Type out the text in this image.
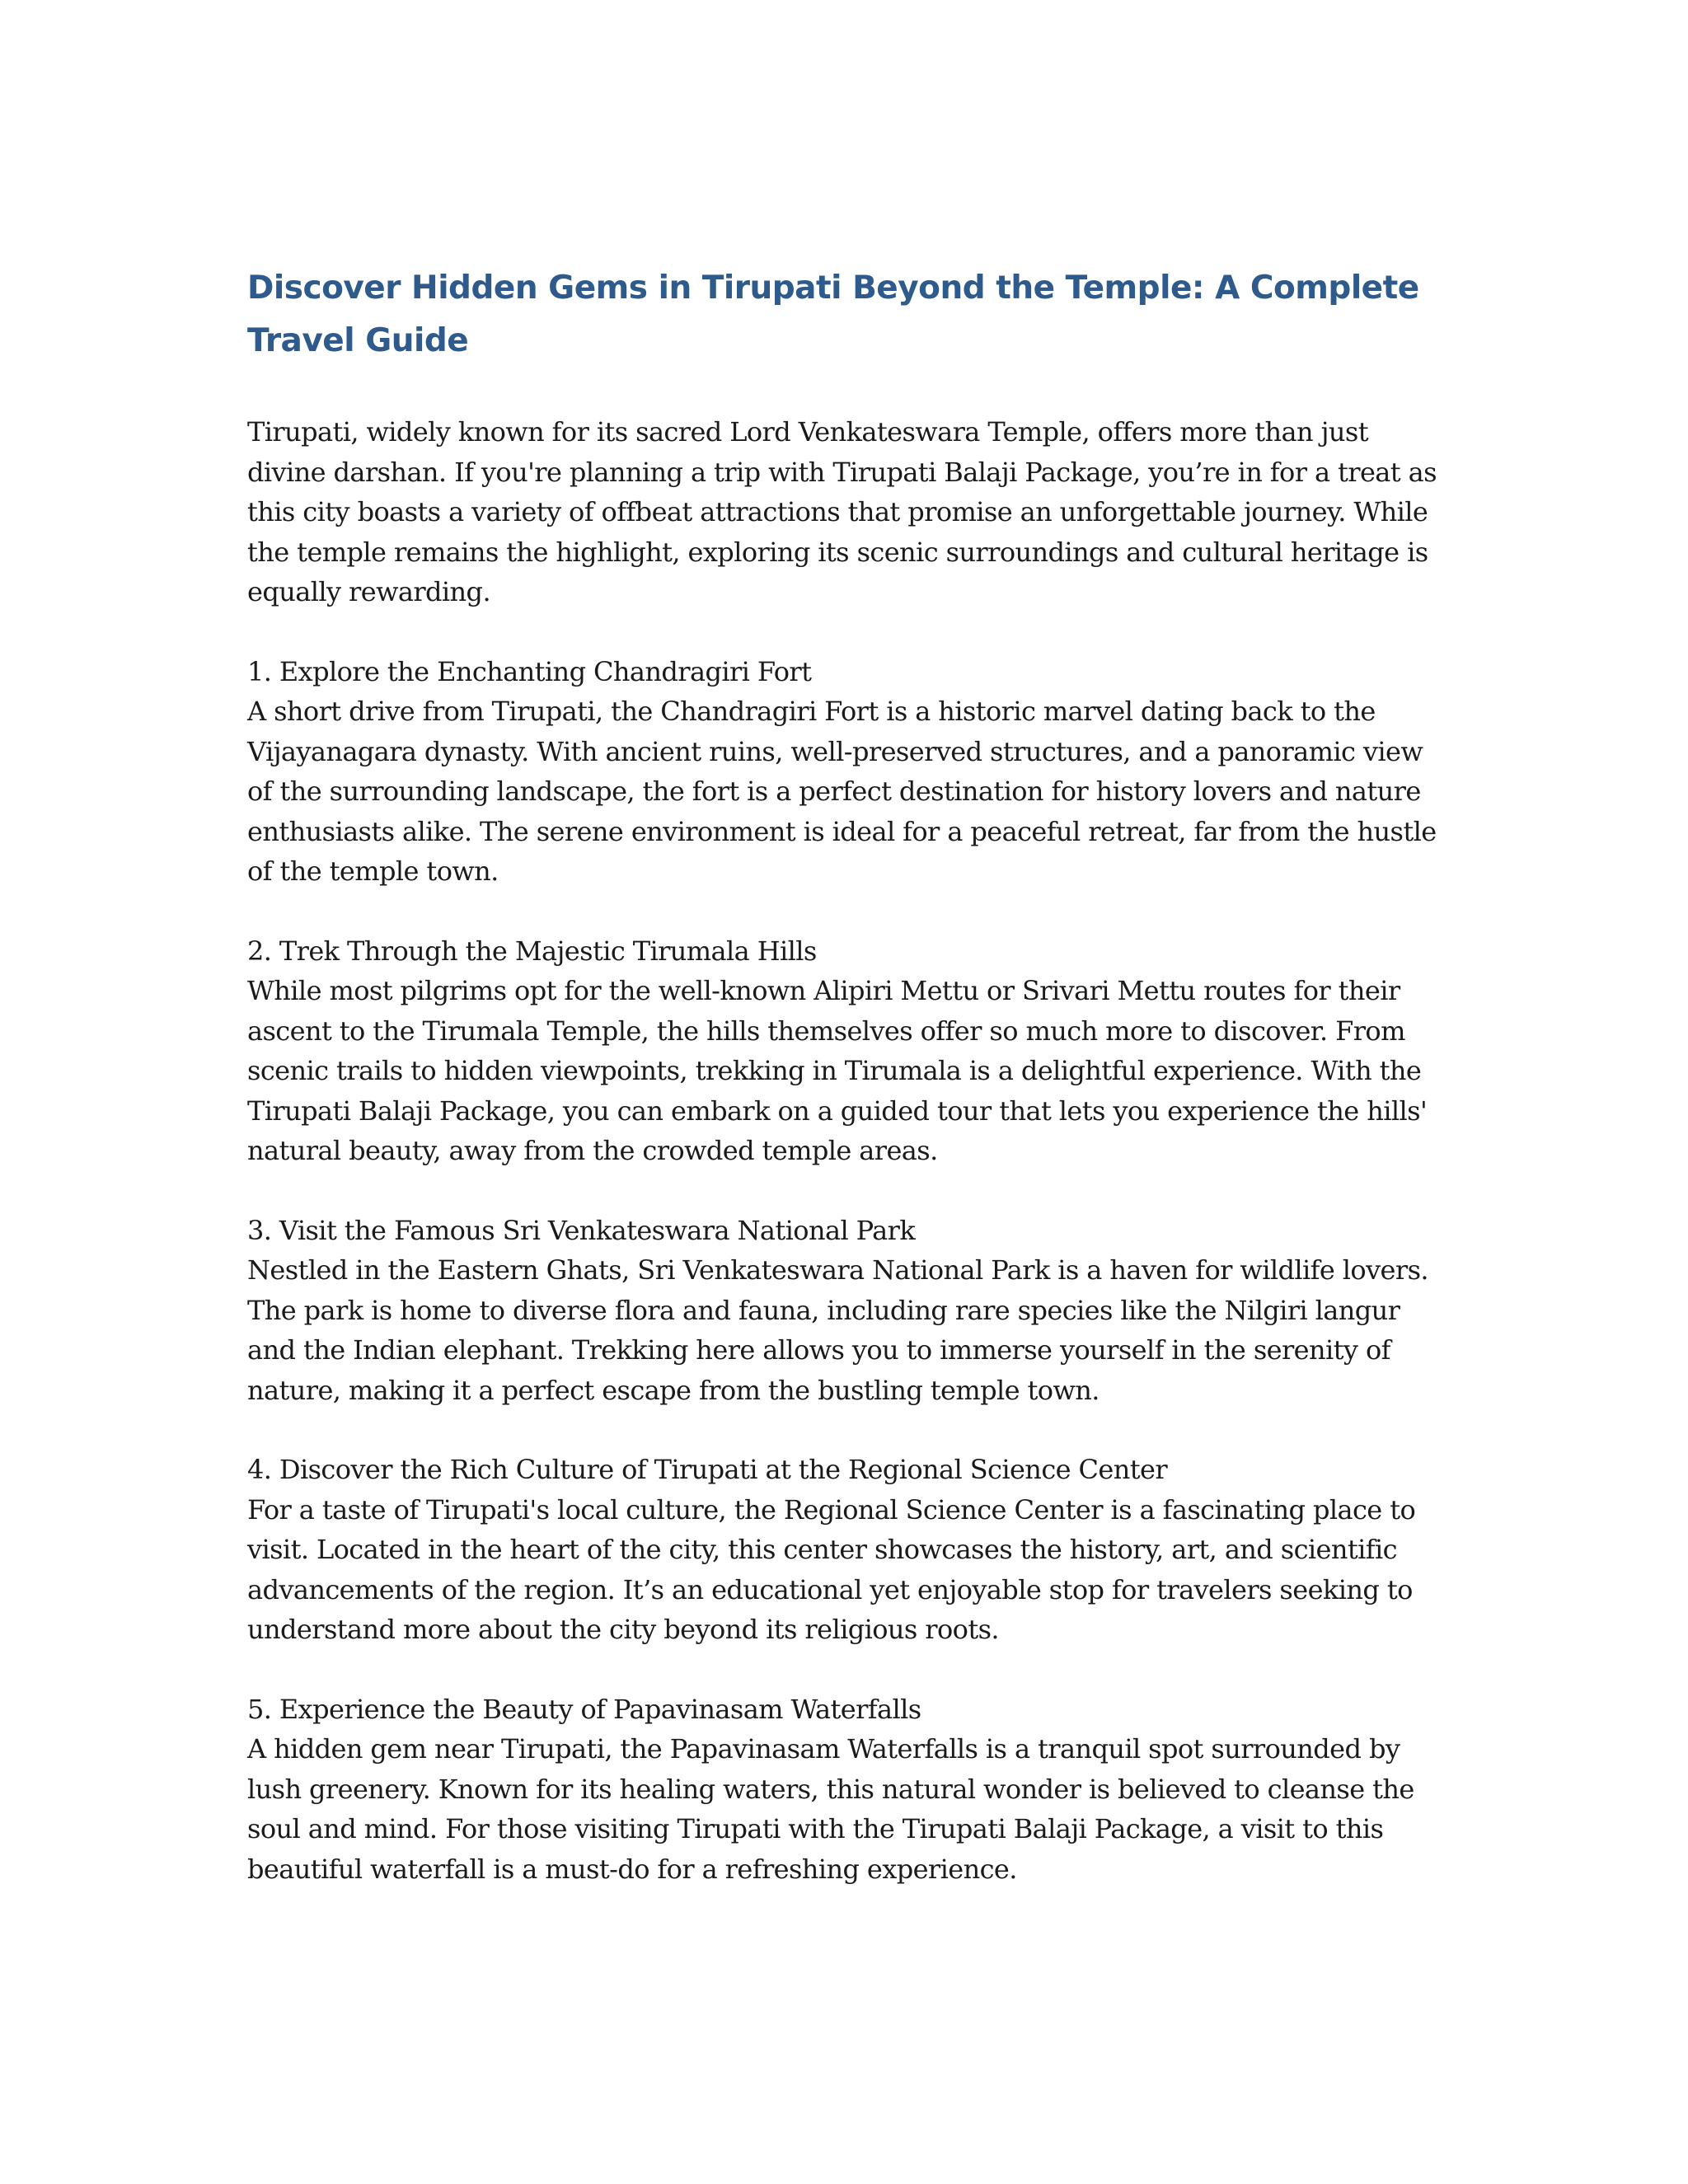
Discover Hidden Gems in Tirupati Beyond the Temple: A Complete Travel Guide

Tirupati, widely known for its sacred Lord Venkateswara Temple, offers more than just divine darshan. If you're planning a trip with Tirupati Balaji Package, you’re in for a treat as this city boasts a variety of offbeat attractions that promise an unforgettable journey. While the temple remains the highlight, exploring its scenic surroundings and cultural heritage is equally rewarding.

1. Explore the Enchanting Chandragiri Fort

A short drive from Tirupati, the Chandragiri Fort is a historic marvel dating back to the Vijayanagara dynasty. With ancient ruins, well-preserved structures, and a panoramic view of the surrounding landscape, the fort is a perfect destination for history lovers and nature enthusiasts alike. The serene environment is ideal for a peaceful retreat, far from the hustle of the temple town.

2. Trek Through the Majestic Tirumala Hills

While most pilgrims opt for the well-known Alipiri Mettu or Srivari Mettu routes for their ascent to the Tirumala Temple, the hills themselves offer so much more to discover. From scenic trails to hidden viewpoints, trekking in Tirumala is a delightful experience. With the Tirupati Balaji Package, you can embark on a guided tour that lets you experience the hills' natural beauty, away from the crowded temple areas.

3. Visit the Famous Sri Venkateswara National Park

Nestled in the Eastern Ghats, Sri Venkateswara National Park is a haven for wildlife lovers. The park is home to diverse flora and fauna, including rare species like the Nilgiri langur and the Indian elephant. Trekking here allows you to immerse yourself in the serenity of nature, making it a perfect escape from the bustling temple town.

4. Discover the Rich Culture of Tirupati at the Regional Science Center

For a taste of Tirupati's local culture, the Regional Science Center is a fascinating place to visit. Located in the heart of the city, this center showcases the history, art, and scientific advancements of the region. It’s an educational yet enjoyable stop for travelers seeking to understand more about the city beyond its religious roots.

5. Experience the Beauty of Papavinasam Waterfalls

A hidden gem near Tirupati, the Papavinasam Waterfalls is a tranquil spot surrounded by lush greenery. Known for its healing waters, this natural wonder is believed to cleanse the soul and mind. For those visiting Tirupati with the Tirupati Balaji Package, a visit to this beautiful waterfall is a must-do for a refreshing experience.
